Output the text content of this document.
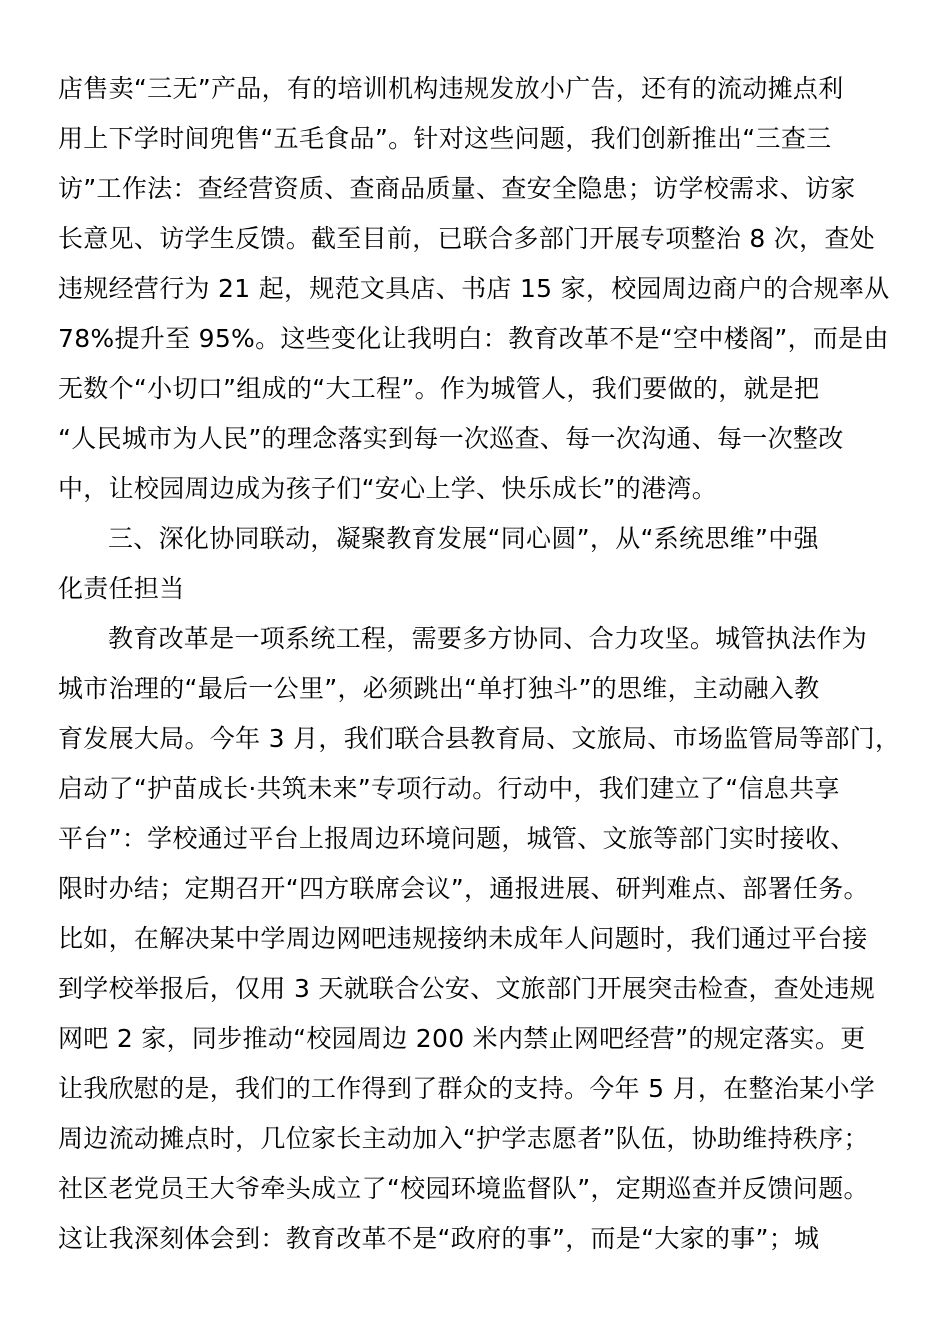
店售卖“三无”产品，有的培训机构违规发放小广告，还有的流动摊点利
用上下学时间兜售“五毛食品”。针对这些问题，我们创新推出“三查三
访”工作法：查经营资质、查商品质量、查安全隐患；访学校需求、访家
长意见、访学生反馈。截至目前，已联合多部门开展专项整治 8 次，查处
违规经营行为 21 起，规范文具店、书店 15 家，校园周边商户的合规率从
78%提升至 95%。这些变化让我明白：教育改革不是“空中楼阁”，而是由
无数个“小切口”组成的“大工程”。作为城管人，我们要做的，就是把
“人民城市为人民”的理念落实到每一次巡查、每一次沟通、每一次整改
中，让校园周边成为孩子们“安心上学、快乐成长”的港湾。
三、深化协同联动，凝聚教育发展“同心圆”，从“系统思维”中强
化责任担当
教育改革是一项系统工程，需要多方协同、合力攻坚。城管执法作为
城市治理的“最后一公里”，必须跳出“单打独斗”的思维，主动融入教
育发展大局。今年 3 月，我们联合县教育局、文旅局、市场监管局等部门，
启动了“护苗成长·共筑未来”专项行动。行动中，我们建立了“信息共享
平台”：学校通过平台上报周边环境问题，城管、文旅等部门实时接收、
限时办结；定期召开“四方联席会议”，通报进展、研判难点、部署任务。
比如，在解决某中学周边网吧违规接纳未成年人问题时，我们通过平台接
到学校举报后，仅用 3 天就联合公安、文旅部门开展突击检查，查处违规
网吧 2 家，同步推动“校园周边 200 米内禁止网吧经营”的规定落实。更
让我欣慰的是，我们的工作得到了群众的支持。今年 5 月，在整治某小学
周边流动摊点时，几位家长主动加入“护学志愿者”队伍，协助维持秩序；
社区老党员王大爷牵头成立了“校园环境监督队”，定期巡查并反馈问题。
这让我深刻体会到：教育改革不是“政府的事”，而是“大家的事”；城
